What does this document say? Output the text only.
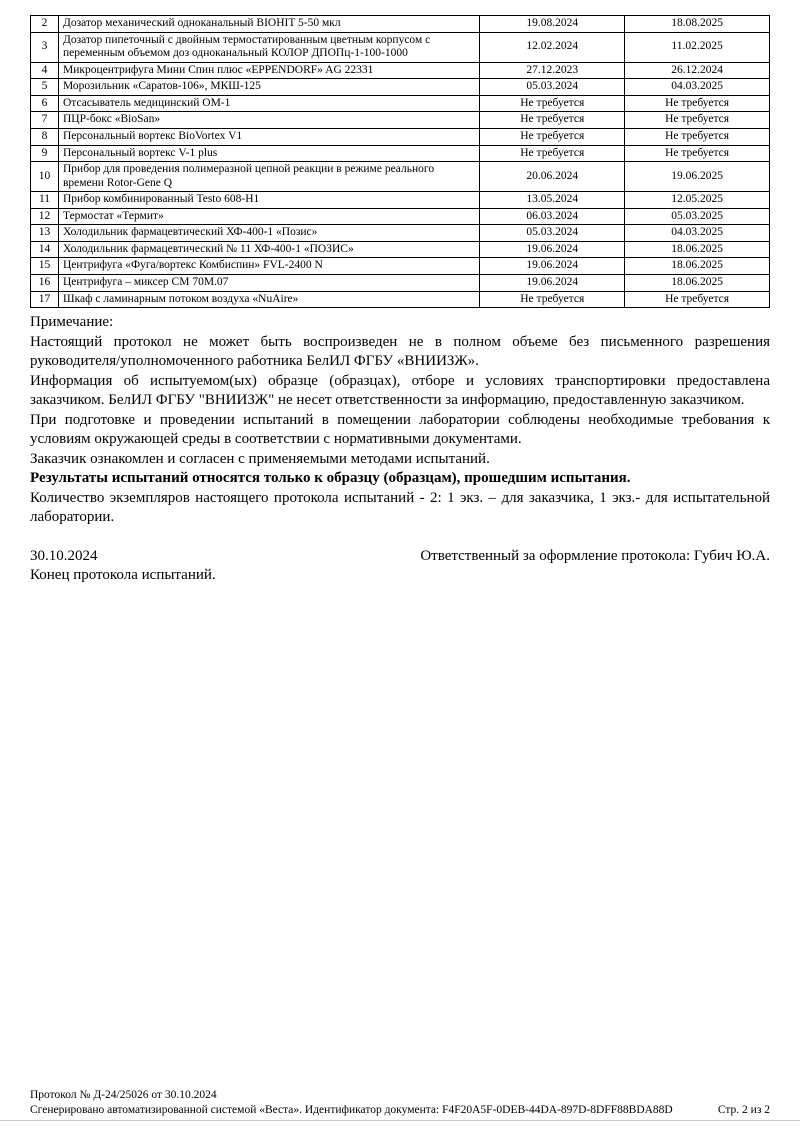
2	Дозатор механический одноканальный BIOHIT 5-50 мкл	19.08.2024	18.08.2025
3	Дозатор пипеточный с двойным термостатированным цветным корпусом с переменным объемом доз одноканальный КОЛОР ДПОПц-1-100-1000	12.02.2024	11.02.2025
4	Микроцентрифуга Мини Спин плюс «EPPENDORF» AG 22331	27.12.2023	26.12.2024
5	Морозильник «Саратов-106», МКШ-125	05.03.2024	04.03.2025
6	Отсасыватель медицинский ОМ-1	Не требуется	Не требуется
7	ПЦР-бокс «BioSan»	Не требуется	Не требуется
8	Персональный вортекс BioVortex V1	Не требуется	Не требуется
9	Персональный вортекс V-1 plus	Не требуется	Не требуется
10	Прибор для проведения полимеразной цепной реакции в режиме реального времени Rotor-Gene Q	20.06.2024	19.06.2025
11	Прибор комбинированный Testo 608-H1	13.05.2024	12.05.2025
12	Термостат «Термит»	06.03.2024	05.03.2025
13	Холодильник фармацевтический ХФ-400-1 «Позис»	05.03.2024	04.03.2025
14	Холодильник фармацевтический № 11 ХФ-400-1 «ПОЗИС»	19.06.2024	18.06.2025
15	Центрифуга «Фуга/вортекс Комбиспин» FVL-2400 N	19.06.2024	18.06.2025
16	Центрифуга – миксер СМ 70М.07	19.06.2024	18.06.2025
17	Шкаф с ламинарным потоком воздуха «NuAire»	Не требуется	Не требуется
Примечание:

Настоящий протокол не может быть воспроизведен не в полном объеме без письменного разрешения руководителя/уполномоченного работника БелИЛ ФГБУ «ВНИИЗЖ».

Информация об испытуемом(ых) образце (образцах), отборе и условиях транспортировки предоставлена заказчиком. БелИЛ ФГБУ "ВНИИЗЖ" не несет ответственности за информацию, предоставленную заказчиком.

При подготовке и проведении испытаний в помещении лаборатории соблюдены необходимые требования к условиям окружающей среды в соответствии с нормативными документами.

Заказчик ознакомлен и согласен с применяемыми методами испытаний.

Результаты испытаний относятся только к образцу (образцам), прошедшим испытания.

Количество экземпляров настоящего протокола испытаний - 2: 1 экз. – для заказчика, 1 экз.- для испытательной лаборатории.

30.10.2024	Ответственный за оформление протокола: Губич Ю.А.
Конец протокола испытаний.
Протокол № Д-24/25026 от 30.10.2024
Сгенерировано автоматизированной системой «Веста». Идентификатор документа: F4F20A5F-0DEB-44DA-897D-8DFF88BDA88D	Стр. 2 из 2
